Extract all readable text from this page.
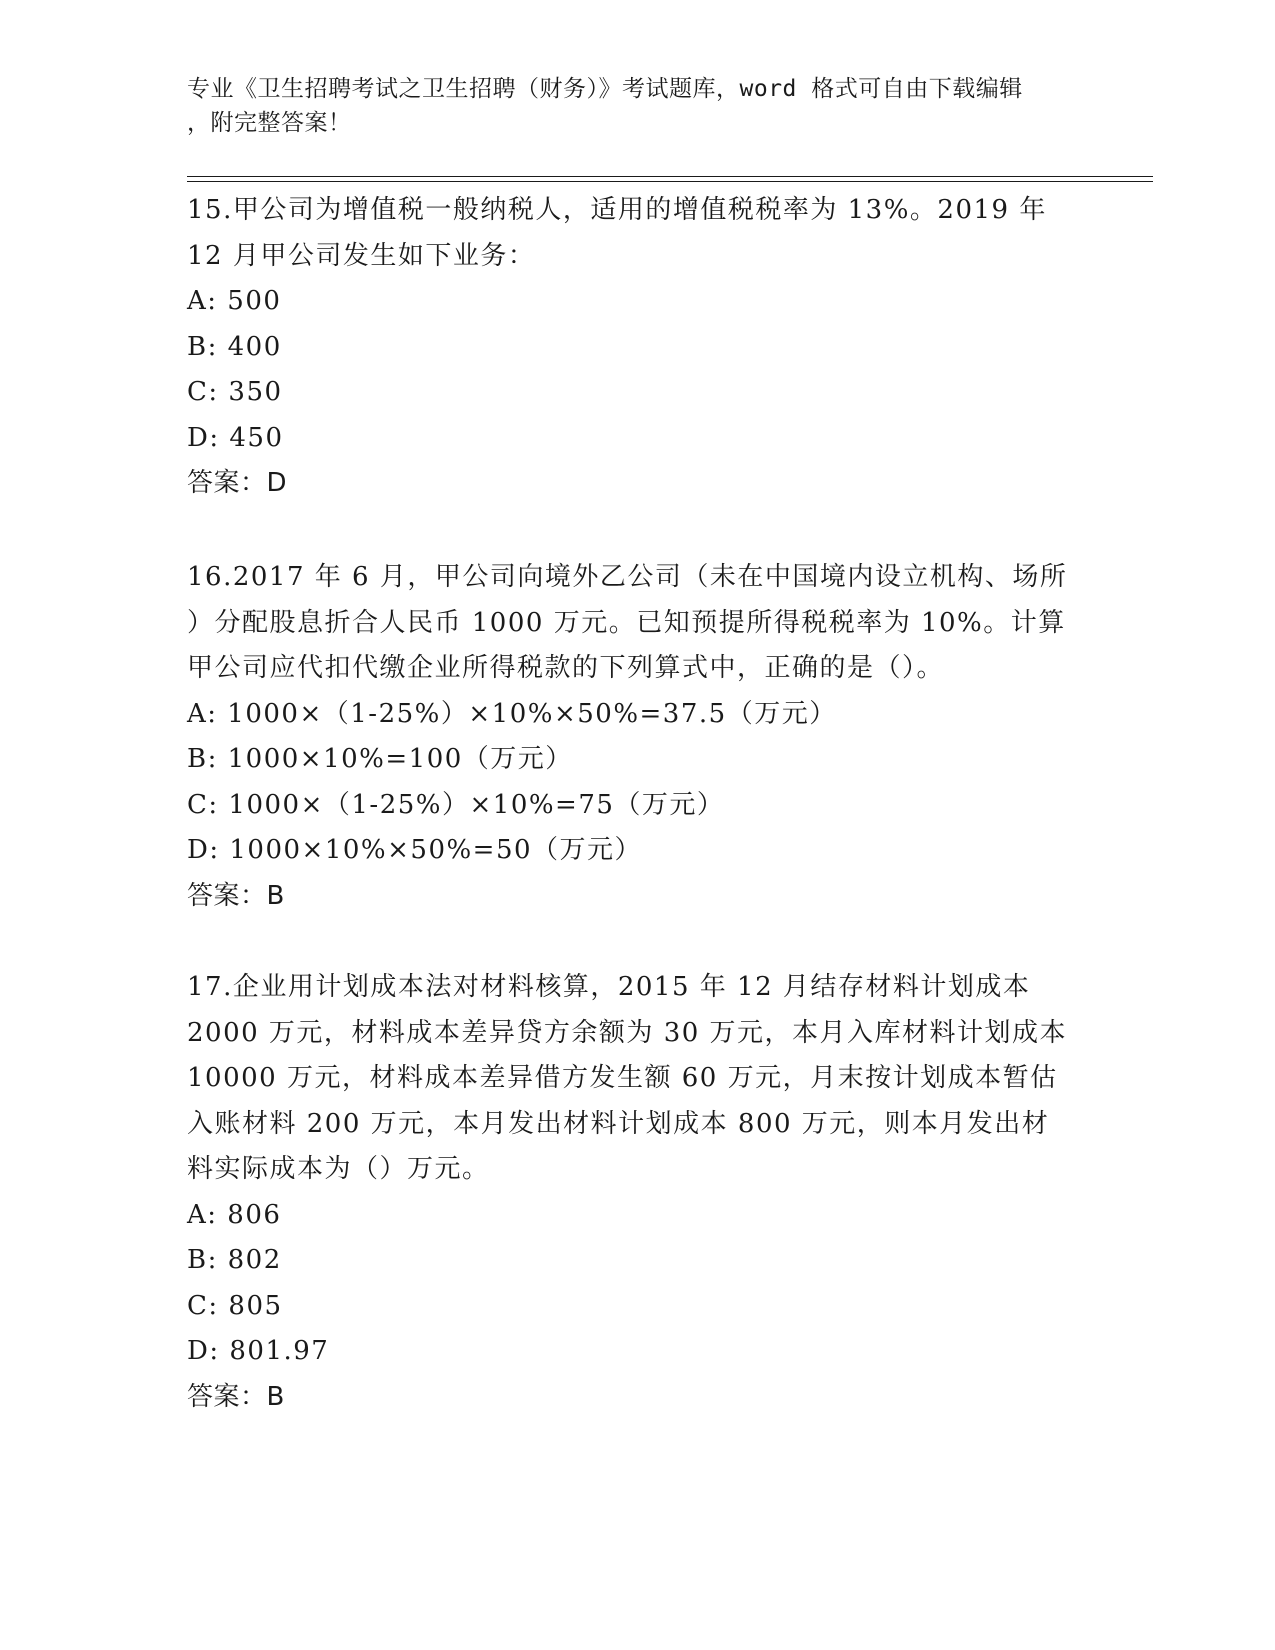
专业《卫生招聘考试之卫生招聘（财务）》考试题库，word 格式可自由下载编辑
，附完整答案！
15.甲公司为增值税一般纳税人，适用的增值税税率为 13%。2019 年
12 月甲公司发生如下业务：
A: 500
B: 400
C: 350
D: 450
答案：D
16.2017 年 6 月，甲公司向境外乙公司（未在中国境内设立机构、场所
）分配股息折合人民币 1000 万元。已知预提所得税税率为 10%。计算
甲公司应代扣代缴企业所得税款的下列算式中，正确的是（）。
A: 1000×（1-25%）×10%×50%=37.5（万元）
B: 1000×10%=100（万元）
C: 1000×（1-25%）×10%=75（万元）
D: 1000×10%×50%=50（万元）
答案：B
17.企业用计划成本法对材料核算，2015 年 12 月结存材料计划成本
2000 万元，材料成本差异贷方余额为 30 万元，本月入库材料计划成本
10000 万元，材料成本差异借方发生额 60 万元，月末按计划成本暂估
入账材料 200 万元，本月发出材料计划成本 800 万元，则本月发出材
料实际成本为（）万元。
A: 806
B: 802
C: 805
D: 801.97
答案：B
